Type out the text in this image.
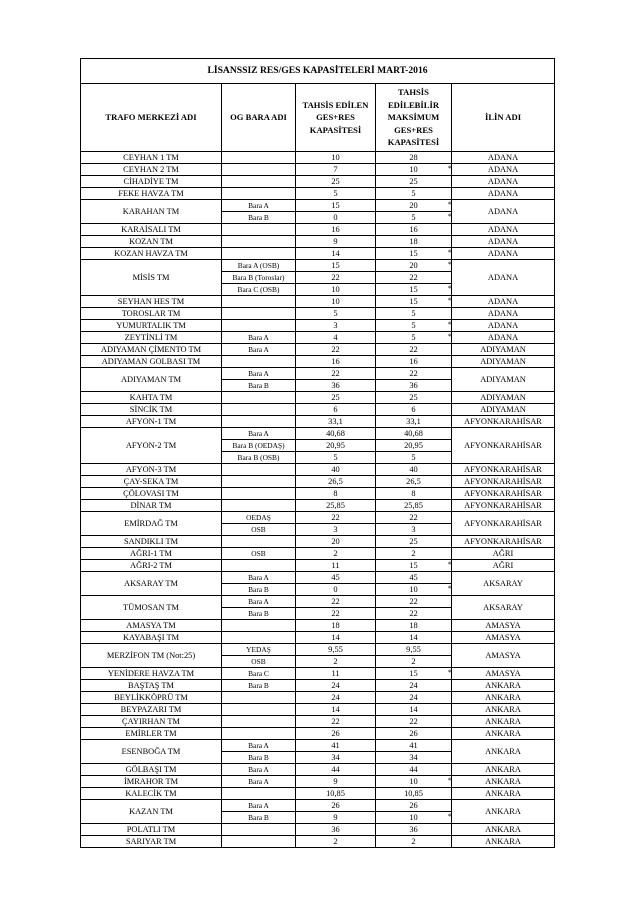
LİSANSSIZ RES/GES KAPASİTELERİ MART-2016				
TRAFO MERKEZİ ADI	OG BARA ADI	TAHSİS EDİLEN GES+RES KAPASİTESİ	TAHSİS EDİLEBİLİR MAKSİMUM GES+RES KAPASİTESİ	İLİN ADI
CEYHAN 1 TM		10	28	ADANA
CEYHAN 2 TM		7	10 *	ADANA
CİHADİYE TM		25	25	ADANA
FEKE HAVZA TM		5	5	ADANA
KARAHAN TM	Bara A	15	20 *	ADANA
	Bara B	0	5 *	

KARAİSALI TM		16	16	ADANA
KOZAN TM		9	18	ADANA
KOZAN HAVZA TM		14	15 *	ADANA
MİSİS TM	Bara A (OSB)	15	20 *	ADANA
	Bara B (Toroslar)	22	22	
	Bara C (OSB)	10	15 *	

SEYHAN HES TM		10	15 *	ADANA
TOROSLAR TM		5	5	ADANA
YUMURTALIK TM		3	5 *	ADANA
ZEYTİNLİ TM	Bara A	4	5 *	ADANA
ADIYAMAN ÇİMENTO TM	Bara A	22	22	ADIYAMAN
ADIYAMAN GOLBASI TM		16	16	ADIYAMAN
ADIYAMAN TM	Bara A	22	22	ADIYAMAN
	Bara B	36	36	
KAHTA TM		25	25	ADIYAMAN
SİNCİK TM		6	6	ADIYAMAN
AFYON-1 TM		33,1	33,1	AFYONKARAHİSAR
AFYON-2 TM	Bara A	40,68	40,68	AFYONKARAHİSAR
	Bara B (OEDAŞ)	20,95	20,95	
	Bara B (OSB)	5	5	
AFYON-3 TM		40	40	AFYONKARAHİSAR
ÇAY-SEKA TM		26,5	26,5	AFYONKARAHİSAR
ÇÖLOVASI TM		8	8	AFYONKARAHİSAR
DİNAR TM		25,85	25,85	AFYONKARAHİSAR
EMİRDAĞ TM	OEDAŞ	22	22	AFYONKARAHİSAR
	OSB	3	3	
SANDIKLI TM		20	25	AFYONKARAHİSAR
AĞRI-1 TM	OSB	2	2	AĞRI
AĞRI-2 TM		11	15 *	AĞRI
AKSARAY TM	Bara A	45	45	AKSARAY
	Bara B	0	10 *	

TÜMOSAN TM	Bara A	22	22	AKSARAY
	Bara B	22	22	
AMASYA TM		18	18	AMASYA
KAYABAŞI TM		14	14	AMASYA
MERZİFON TM (Not:25)	YEDAŞ	9,55	9,55	AMASYA
	OSB	2	2	
YENİDERE HAVZA TM	Bara C	11	15 *	AMASYA
BAŞTAŞ TM	Bara B	24	24	ANKARA
BEYLİKKÖPRÜ TM		24	24	ANKARA
BEYPAZARI TM		14	14	ANKARA
ÇAYIRHAN TM		22	22	ANKARA
EMİRLER TM		26	26	ANKARA
ESENBOĞA TM	Bara A	41	41	ANKARA
	Bara B	34	34	
GÖLBAŞI TM	Bara A	44	44	ANKARA
İMRAHOR TM	Bara A	9	10 *	ANKARA
KALECİK TM		10,85	10,85	ANKARA
KAZAN TM	Bara A	26	26	ANKARA
	Bara B	9	10 *	

POLATLI TM		36	36	ANKARA
SARIYAR TM		2	2	ANKARA
